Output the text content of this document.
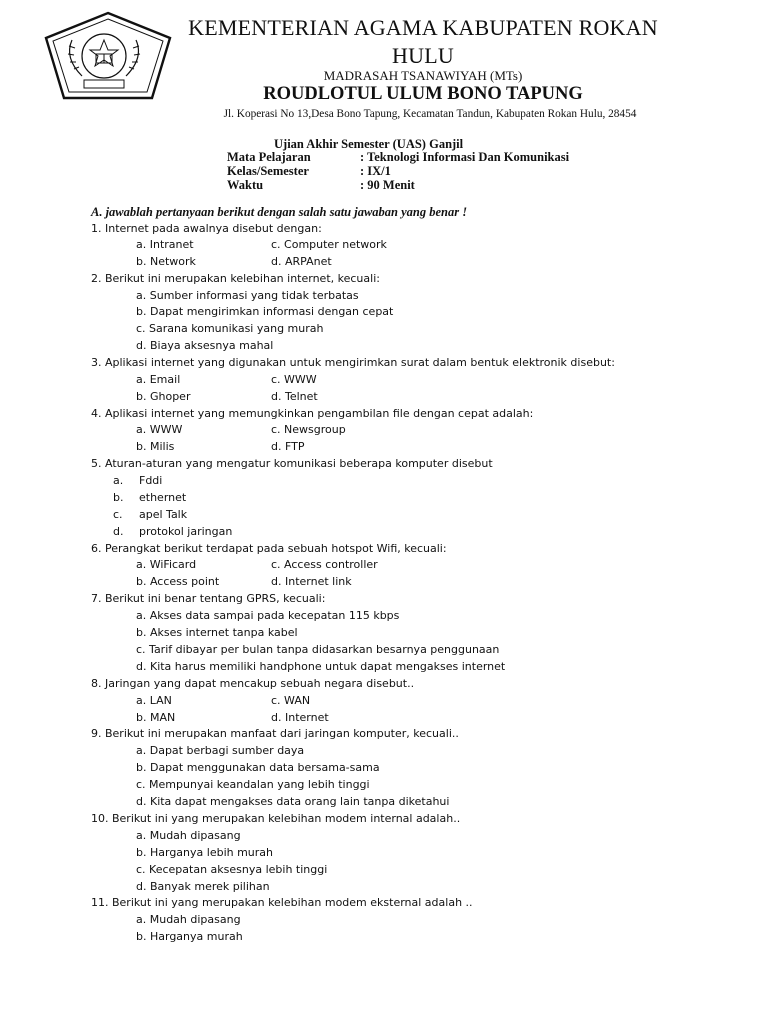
KEMENTERIAN AGAMA KABUPATEN ROKAN HULU
MADRASAH TSANAWIYAH (MTs)
ROUDLOTUL ULUM BONO TAPUNG
Jl. Koperasi No 13,Desa Bono Tapung, Kecamatan Tandun, Kabupaten Rokan Hulu, 28454
Ujian Akhir Semester (UAS) Ganjil
Mata Pelajaran	: Teknologi Informasi Dan Komunikasi
Kelas/Semester	: IX/1
Waktu	: 90 Menit
A. jawablah pertanyaan berikut dengan salah satu jawaban yang benar !
1. Internet pada awalnya disebut dengan:
a. Intranet	c. Computer network
b. Network	d. ARPAnet
2. Berikut ini merupakan kelebihan internet, kecuali:
a. Sumber informasi yang tidak terbatas
b. Dapat mengirimkan informasi dengan cepat
c. Sarana komunikasi yang murah
d. Biaya aksesnya mahal
3. Aplikasi internet yang digunakan untuk mengirimkan surat dalam bentuk elektronik disebut:
a. Email	c. WWW
b. Ghoper	d. Telnet
4. Aplikasi internet yang memungkinkan pengambilan file dengan cepat adalah:
a. WWW	c. Newsgroup
b. Milis	d. FTP
5. Aturan-aturan yang mengatur komunikasi beberapa komputer disebut
a. Fddi
b. ethernet
c. apel Talk
d. protokol jaringan
6. Perangkat berikut terdapat pada sebuah hotspot Wifi, kecuali:
a. WiFicard	c. Access controller
b. Access point	d. Internet link
7. Berikut ini benar tentang GPRS, kecuali:
a. Akses data sampai pada kecepatan 115 kbps
b. Akses internet tanpa kabel
c. Tarif dibayar per bulan tanpa didasarkan besarnya penggunaan
d. Kita harus memiliki handphone untuk dapat mengakses internet
8. Jaringan yang dapat mencakup sebuah negara disebut..
a. LAN	c. WAN
b. MAN	d. Internet
9. Berikut ini merupakan manfaat dari jaringan komputer, kecuali..
a. Dapat berbagi sumber daya
b. Dapat menggunakan data bersama-sama
c. Mempunyai keandalan yang lebih tinggi
d. Kita dapat mengakses data orang lain tanpa diketahui
10. Berikut ini yang merupakan kelebihan modem internal adalah..
a. Mudah dipasang
b. Harganya lebih murah
c. Kecepatan aksesnya lebih tinggi
d. Banyak merek pilihan
11. Berikut ini yang merupakan kelebihan modem eksternal adalah ..
a. Mudah dipasang
b. Harganya murah
